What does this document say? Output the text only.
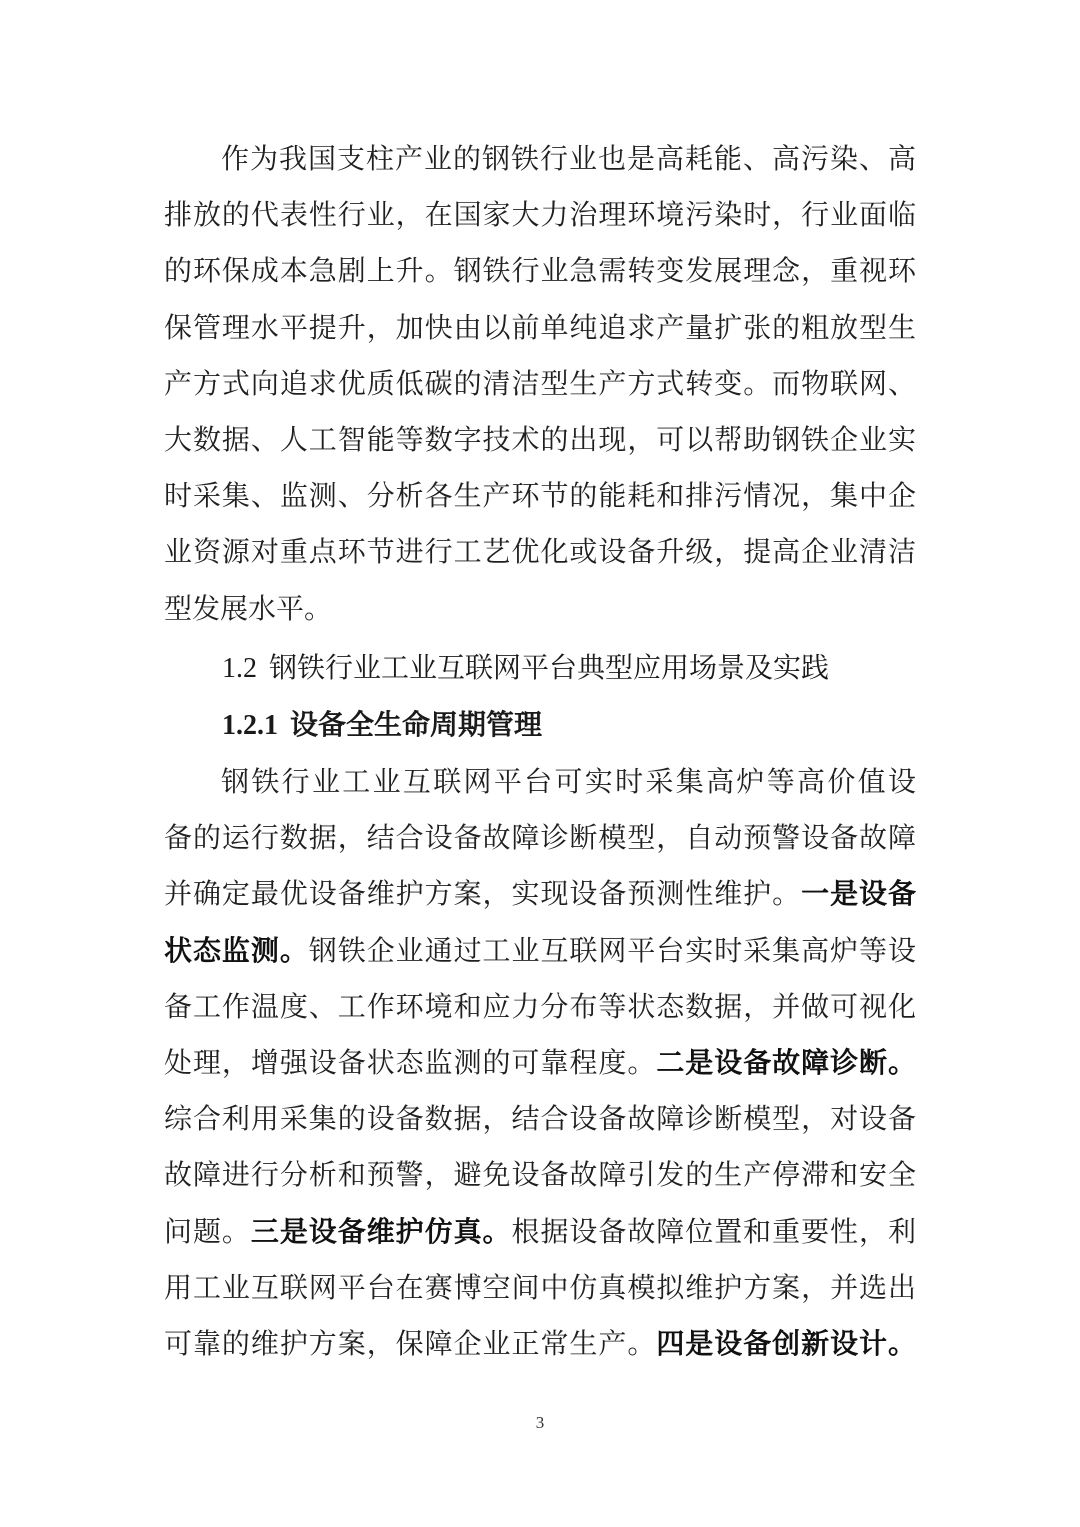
作为我国支柱产业的钢铁行业也是高耗能、高污染、高
排放的代表性行业，在国家大力治理环境污染时，行业面临
的环保成本急剧上升。钢铁行业急需转变发展理念，重视环
保管理水平提升，加快由以前单纯追求产量扩张的粗放型生
产方式向追求优质低碳的清洁型生产方式转变。而物联网、
大数据、人工智能等数字技术的出现，可以帮助钢铁企业实
时采集、监测、分析各生产环节的能耗和排污情况，集中企
业资源对重点环节进行工艺优化或设备升级，提高企业清洁
型发展水平。
1.2 钢铁行业工业互联网平台典型应用场景及实践
1.2.1 设备全生命周期管理
钢铁行业工业互联网平台可实时采集高炉等高价值设
备的运行数据，结合设备故障诊断模型，自动预警设备故障
并确定最优设备维护方案，实现设备预测性维护。一是设备
状态监测。钢铁企业通过工业互联网平台实时采集高炉等设
备工作温度、工作环境和应力分布等状态数据，并做可视化
处理，增强设备状态监测的可靠程度。二是设备故障诊断。
综合利用采集的设备数据，结合设备故障诊断模型，对设备
故障进行分析和预警，避免设备故障引发的生产停滞和安全
问题。三是设备维护仿真。根据设备故障位置和重要性，利
用工业互联网平台在赛博空间中仿真模拟维护方案，并选出
可靠的维护方案，保障企业正常生产。四是设备创新设计。
3
